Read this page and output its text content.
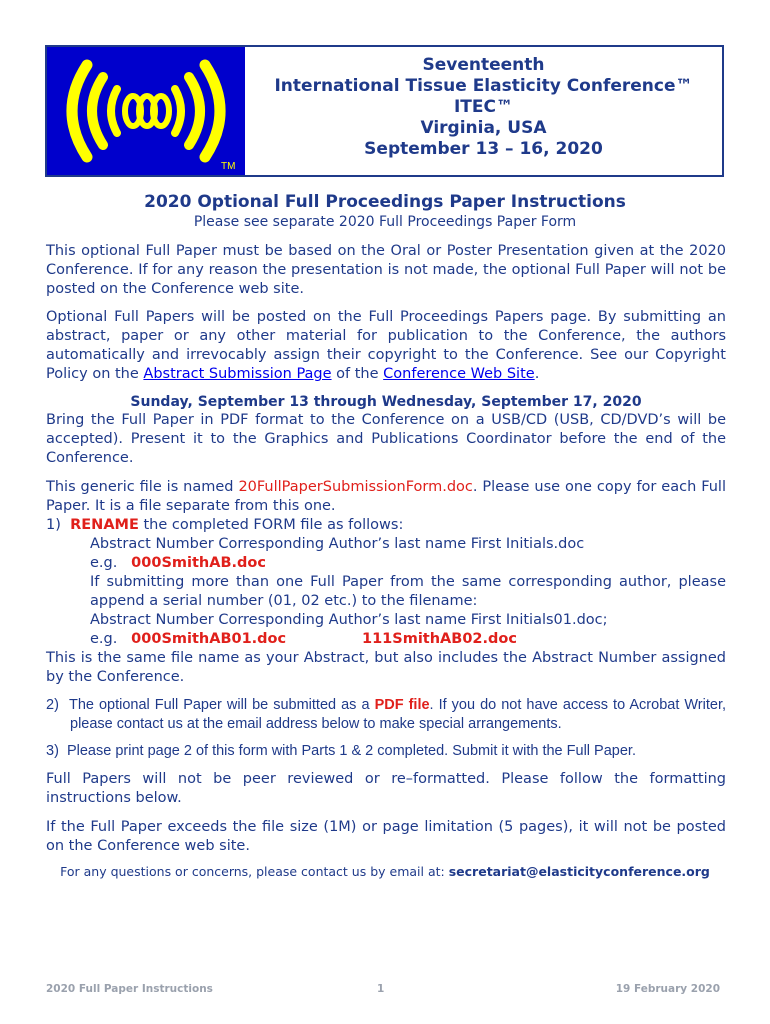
TM
Seventeenth
International Tissue Elasticity Conference™
ITEC™
Virginia, USA
September 13 – 16, 2020
2020 Optional Full Proceedings Paper Instructions
Please see separate 2020 Full Proceedings Paper Form
This optional Full Paper must be based on the Oral or Poster Presentation given at the 2020 Conference. If for any reason the presentation is not made, the optional Full Paper will not be posted on the Conference web site.
Optional Full Papers will be posted on the Full Proceedings Papers page. By submitting an abstract, paper or any other material for publication to the Conference, the authors automatically and irrevocably assign their copyright to the Conference. See our Copyright Policy on the Abstract Submission Page of the Conference Web Site.
Sunday, September 13 through Wednesday, September 17, 2020
Bring the Full Paper in PDF format to the Conference on a USB/CD (USB, CD/DVD’s will be accepted). Present it to the Graphics and Publications Coordinator before the end of the Conference.
This generic file is named 20FullPaperSubmissionForm.doc. Please use one copy for each Full Paper. It is a file separate from this one.
1) RENAME the completed FORM file as follows:
Abstract Number Corresponding Author’s last name First Initials.doc
e.g. 000SmithAB.doc
If submitting more than one Full Paper from the same corresponding author, please append a serial number (01, 02 etc.) to the filename:
Abstract Number Corresponding Author’s last name First Initials01.doc;
e.g. 000SmithAB01.doc	111SmithAB02.doc
This is the same file name as your Abstract, but also includes the Abstract Number assigned by the Conference.
2) The optional Full Paper will be submitted as a PDF file. If you do not have access to Acrobat Writer, please contact us at the email address below to make special arrangements.
3) Please print page 2 of this form with Parts 1 & 2 completed. Submit it with the Full Paper.
Full Papers will not be peer reviewed or re–formatted. Please follow the formatting instructions below.
If the Full Paper exceeds the file size (1M) or page limitation (5 pages), it will not be posted on the Conference web site.
For any questions or concerns, please contact us by email at: secretariat@elasticityconference.org
2020 Full Paper Instructions	1	19 February 2020
